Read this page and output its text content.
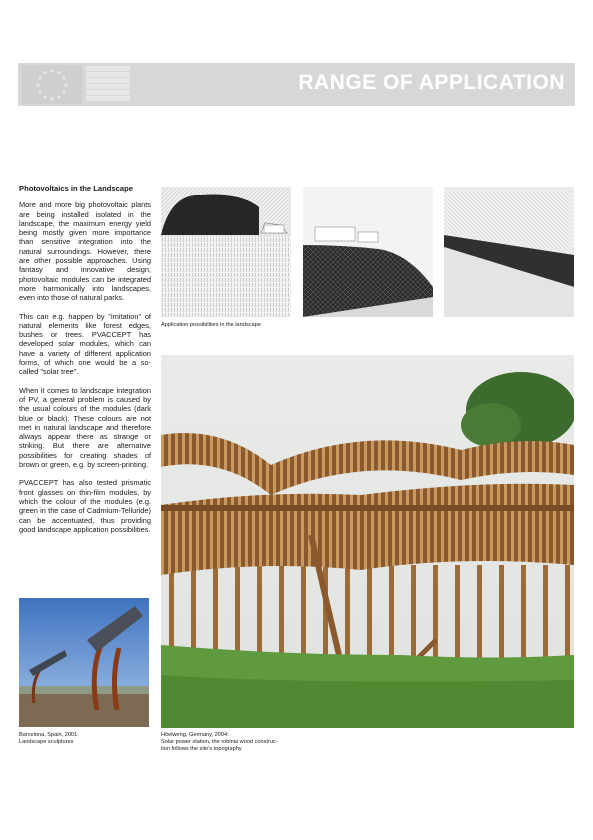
RANGE OF APPLICATION
Photovoltaics in the Landscape

More and more big photovoltaic plants are being installed isolated in the landscape, the maximum energy yield being mostly given more importance than sensitive integration into the natural surroundings. However, there are other possible approaches. Using fantasy and innovative design, photovoltaic modules can be integrated more harmonically into landscapes, even into those of natural parks.

This can e.g. happen by "imitation" of natural elements like forest edges, bushes or trees. PVACCEPT has developed solar modules, which can have a variety of different application forms, of which one would be a so-called "solar tree".

When it comes to landscape integration of PV, a general problem is caused by the usual colours of the modules (dark blue or black). These colours are not met in natural landscape and therefore always appear there as strange or striking. But there are alternative possibilities for creating shades of brown or green, e.g. by screen-printing.

PVACCEPT has also tested prismatic front glasses on thin-film modules, by which the colour of the modules (e.g. green in the case of Cadmium-Telluride) can be accentuated, thus providing good landscape application possibilities.

Application possibilities in the landscape
Barcelona, Spain, 2001:
Landscape sculptures
Höelweng, Germany, 2004:
Solar power station, the robinia wood construc-
tion follows the site's topography
